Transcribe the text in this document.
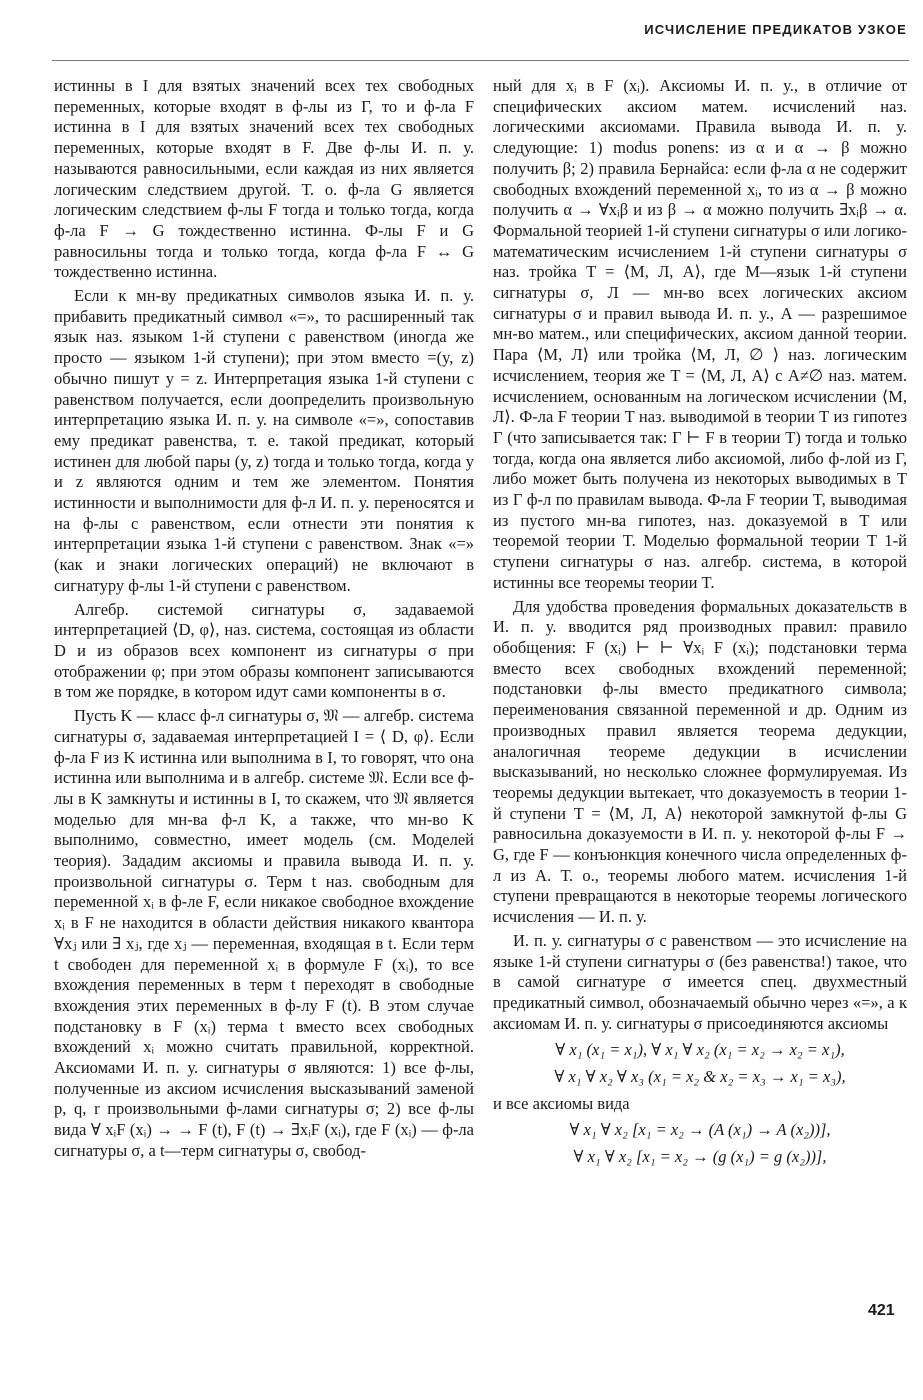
ИСЧИСЛЕНИЕ ПРЕДИКАТОВ УЗКОЕ

истинны в I для взятых значений всех тех свободных переменных, которые входят в ф-лы из Γ, то и ф-ла F истинна в I для взятых значений всех тех свободных переменных, которые входят в F. Две ф-лы И. п. у. называются равносильными, если каждая из них является логическим следствием другой. Т. о. ф-ла G является логическим следствием ф-лы F тогда и только тогда, когда ф-ла F → G тождественно истинна. Ф-лы F и G равносильны тогда и только тогда, когда ф-ла F ↔ G тождественно истинна.

Если к мн-ву предикатных символов языка И. п. у. прибавить предикатный символ «=», то расширенный так язык наз. языком 1-й ступени с равенством (иногда же просто — языком 1-й ступени); при этом вместо =(y, z) обычно пишут y = z. Интерпретация языка 1-й ступени с равенством получается, если доопределить произвольную интерпретацию языка И. п. у. на символе «=», сопоставив ему предикат равенства, т. е. такой предикат, который истинен для любой пары (y, z) тогда и только тогда, когда y и z являются одним и тем же элементом. Понятия истинности и выполнимости для ф-л И. п. у. переносятся и на ф-лы с равенством, если отнести эти понятия к интерпретации языка 1-й ступени с равенством. Знак «=» (как и знаки логических операций) не включают в сигнатуру ф-лы 1-й ступени с равенством.

Алгебр. системой сигнатуры σ, задаваемой интерпретацией ⟨D, φ⟩, наз. система, состоящая из области D и из образов всех компонент из сигнатуры σ при отображении φ; при этом образы компонент записываются в том же порядке, в котором идут сами компоненты в σ.

Пусть K — класс ф-л сигнатуры σ, 𝔐 — алгебр. система сигнатуры σ, задаваемая интерпретацией I = ⟨ D, φ⟩. Если ф-ла F из K истинна или выполнима в I, то говорят, что она истинна или выполнима и в алгебр. системе 𝔐. Если все ф-лы в K замкнуты и истинны в I, то скажем, что 𝔐 является моделью для мн-ва ф-л K, а также, что мн-во K выполнимо, совместно, имеет модель (см. Моделей теория). Зададим аксиомы и правила вывода И. п. у. произвольной сигнатуры σ. Терм t наз. свободным для переменной xᵢ в ф-ле F, если никакое свободное вхождение xᵢ в F не находится в области действия никакого квантора ∀xⱼ или ∃ xⱼ, где xⱼ — переменная, входящая в t. Если терм t свободен для переменной xᵢ в формуле F (xᵢ), то все вхождения переменных в терм t переходят в свободные вхождения этих переменных в ф-лу F (t). В этом случае подстановку в F (xᵢ) терма t вместо всех свободных вхождений xᵢ можно считать правильной, корректной. Аксиомами И. п. у. сигнатуры σ являются: 1) все ф-лы, полученные из аксиом исчисления высказываний заменой p, q, r произвольными ф-лами сигнатуры σ; 2) все ф-лы вида ∀ xᵢF (xᵢ) → → F (t), F (t) → ∃xᵢF (xᵢ), где F (xᵢ) — ф-ла сигнатуры σ, а t—терм сигнатуры σ, свобод-

ный для xᵢ в F (xᵢ). Аксиомы И. п. у., в отличие от специфических аксиом матем. исчислений наз. логическими аксиомами. Правила вывода И. п. у. следующие: 1) modus ponens: из α и α → β можно получить β; 2) правила Бернайса: если ф-ла α не содержит свободных вхождений переменной xᵢ, то из α → β можно получить α → ∀xᵢβ и из β → α можно получить ∃xᵢβ → α. Формальной теорией 1-й ступени сигнатуры σ или логико-математическим исчислением 1-й ступени сигнатуры σ наз. тройка T = ⟨M, Л, A⟩, где M—язык 1-й ступени сигнатуры σ, Л — мн-во всех логических аксиом сигнатуры σ и правил вывода И. п. у., A — разрешимое мн-во матем., или специфических, аксиом данной теории. Пара ⟨M, Л⟩ или тройка ⟨M, Л, ∅ ⟩ наз. логическим исчислением, теория же T = ⟨M, Л, A⟩ с A≠∅ наз. матем. исчислением, основанным на логическом исчислении ⟨M, Л⟩. Ф-ла F теории T наз. выводимой в теории T из гипотез Γ (что записывается так: Γ ⊢ F в теории T) тогда и только тогда, когда она является либо аксиомой, либо ф-лой из Γ, либо может быть получена из некоторых выводимых в T из Γ ф-л по правилам вывода. Ф-ла F теории T, выводимая из пустого мн-ва гипотез, наз. доказуемой в T или теоремой теории T. Моделью формальной теории T 1-й ступени сигнатуры σ наз. алгебр. система, в которой истинны все теоремы теории T.

Для удобства проведения формальных доказательств в И. п. у. вводится ряд производных правил: правило обобщения: F (xᵢ) ⊢ ⊢ ∀xᵢ F (xᵢ); подстановки терма вместо всех свободных вхождений переменной; подстановки ф-лы вместо предикатного символа; переименования связанной переменной и др. Одним из производных правил является теорема дедукции, аналогичная теореме дедукции в исчислении высказываний, но несколько сложнее формулируемая. Из теоремы дедукции вытекает, что доказуемость в теории 1-й ступени T = ⟨M, Л, A⟩ некоторой замкнутой ф-лы G равносильна доказуемости в И. п. у. некоторой ф-лы F → G, где F — конъюнкция конечного числа определенных ф-л из A. Т. о., теоремы любого матем. исчисления 1-й ступени превращаются в некоторые теоремы логического исчисления — И. п. у.

И. п. у. сигнатуры σ с равенством — это исчисление на языке 1-й ступени сигнатуры σ (без равенства!) такое, что в самой сигнатуре σ имеется спец. двухместный предикатный символ, обозначаемый обычно через «=», а к аксиомам И. п. у. сигнатуры σ присоединяются аксиомы

∀ x₁ (x₁ = x₁), ∀ x₁ ∀ x₂ (x₁ = x₂ → x₂ = x₁),
∀ x₁ ∀ x₂ ∀ x₃ (x₁ = x₂ & x₂ = x₃ → x₁ = x₃),

и все аксиомы вида

∀ x₁ ∀ x₂ [x₁ = x₂ → (A (x₁) → A (x₂))],
∀ x₁ ∀ x₂ [x₁ = x₂ → (g (x₁) = g (x₂))],
421
